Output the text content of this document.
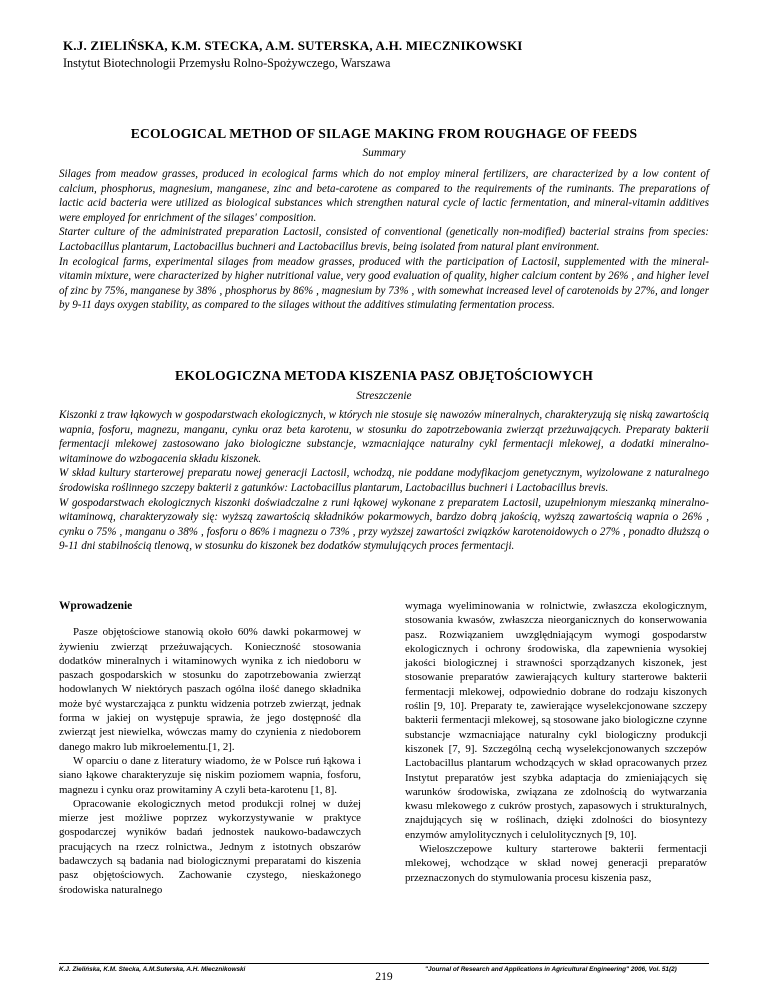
K.J. ZIELIŃSKA, K.M. STECKA, A.M. SUTERSKA, A.H. MIECZNIKOWSKI
Instytut Biotechnologii Przemysłu Rolno-Spożywczego, Warszawa
ECOLOGICAL METHOD OF SILAGE MAKING FROM ROUGHAGE OF FEEDS
Summary

Silages from meadow grasses, produced in ecological farms which do not employ mineral fertilizers, are characterized by a low content of calcium, phosphorus, magnesium, manganese, zinc and beta-carotene as compared to the requirements of the ruminants. The preparations of lactic acid bacteria were utilized as biological substances which strengthen natural cycle of lactic fermentation, and mineral-vitamin additives were employed for enrichment of the silages' composition.

Starter culture of the administrated preparation Lactosil, consisted of conventional (genetically non-modified) bacterial strains from species: Lactobacillus plantarum, Lactobacillus buchneri and Lactobacillus brevis, being isolated from natural plant environment.

In ecological farms, experimental silages from meadow grasses, produced with the participation of Lactosil, supplemented with the mineral-vitamin mixture, were characterized by higher nutritional value, very good evaluation of quality, higher calcium content by 26% , and higher level of zinc by 75%, manganese by 38% , phosphorus by 86% , magnesium by 73% , with somewhat increased level of carotenoids by 27%, and longer by 9-11 days oxygen stability, as compared to the silages without the additives stimulating fermentation process.

EKOLOGICZNA METODA KISZENIA PASZ OBJĘTOŚCIOWYCH
Streszczenie

Kiszonki z traw łąkowych w gospodarstwach ekologicznych, w których nie stosuje się nawozów mineralnych, charakteryzują się niską zawartością wapnia, fosforu, magnezu, manganu, cynku oraz beta karotenu, w stosunku do zapotrzebowania zwierząt przeżuwających. Preparaty bakterii fermentacji mlekowej zastosowano jako biologiczne substancje, wzmacniające naturalny cykl fermentacji mlekowej, a dodatki mineralno-witaminowe do wzbogacenia składu kiszonek.

W skład kultury starterowej preparatu nowej generacji Lactosil, wchodzą, nie poddane modyfikacjom genetycznym, wyizolowane z naturalnego środowiska roślinnego szczepy bakterii z gatunków: Lactobacillus plantarum, Lactobacillus buchneri i Lactobacillus brevis.

W gospodarstwach ekologicznych kiszonki doświadczalne z runi łąkowej wykonane z preparatem Lactosil, uzupełnionym mieszanką mineralno-witaminową, charakteryzowały się: wyższą zawartością składników pokarmowych, bardzo dobrą jakością, wyższą zawartością wapnia o 26% , cynku o 75% , manganu o 38% , fosforu o 86% i magnezu o 73% , przy wyższej zawartości związków karotenoidowych o 27% , ponadto dłuższą o 9-11 dni stabilnością tlenową, w stosunku do kiszonek bez dodatków stymulujących proces fermentacji.

Wprowadzenie

Pasze objętościowe stanowią około 60% dawki pokarmowej w żywieniu zwierząt przeżuwających. Konieczność stosowania dodatków mineralnych i witaminowych wynika z ich niedoboru w paszach gospodarskich w stosunku do zapotrzebowania zwierząt hodowlanych W niektórych paszach ogólna ilość danego składnika może być wystarczająca z punktu widzenia potrzeb zwierząt, jednak forma w jakiej on występuje sprawia, że jego dostępność dla zwierząt jest niewielka, wówczas mamy do czynienia z niedoborem danego makro lub mikroelementu.[1, 2].

W oparciu o dane z literatury wiadomo, że w Polsce ruń łąkowa i siano łąkowe charakteryzuje się niskim poziomem wapnia, fosforu, magnezu i cynku oraz prowitaminy A czyli beta-karotenu [1, 8].

Opracowanie ekologicznych metod produkcji rolnej w dużej mierze jest możliwe poprzez wykorzystywanie w praktyce gospodarczej wyników badań jednostek naukowo-badawczych pracujących na rzecz rolnictwa., Jednym z istotnych obszarów badawczych są badania nad biologicznymi preparatami do kiszenia pasz objętościowych. Zachowanie czystego, nieskażonego środowiska naturalnego

wymaga wyeliminowania w rolnictwie, zwłaszcza ekologicznym, stosowania kwasów, zwłaszcza nieorganicznych do konserwowania pasz. Rozwiązaniem uwzględniającym wymogi gospodarstw ekologicznych i ochrony środowiska, dla zapewnienia wysokiej jakości biologicznej i strawności sporządzanych kiszonek, jest stosowanie preparatów zawierających kultury starterowe bakterii fermentacji mlekowej, odpowiednio dobrane do rodzaju kiszonych roślin [9, 10]. Preparaty te, zawierające wyselekcjonowane szczepy bakterii fermentacji mlekowej, są stosowane jako biologiczne czynne substancje wzmacniające naturalny cykl biologiczny produkcji kiszonek [7, 9]. Szczególną cechą wyselekcjonowanych szczepów Lactobacillus plantarum wchodzących w skład opracowanych przez Instytut preparatów jest szybka adaptacja do zmieniających się warunków środowiska, związana ze zdolnością do wytwarzania kwasu mlekowego z cukrów prostych, zapasowych i strukturalnych, znajdujących się w roślinach, dzięki zdolności do biosyntezy enzymów amylolitycznych i celulolitycznych [9, 10].

Wieloszczepowe kultury starterowe bakterii fermentacji mlekowej, wchodzące w skład nowej generacji preparatów przeznaczonych do stymulowania procesu kiszenia pasz,

K.J. Zielińska, K.M. Stecka, A.M.Suterska, A.H. Miecznikowski
219
"Journal of Research and Applications in Agricultural Engineering" 2006, Vol. 51(2)
